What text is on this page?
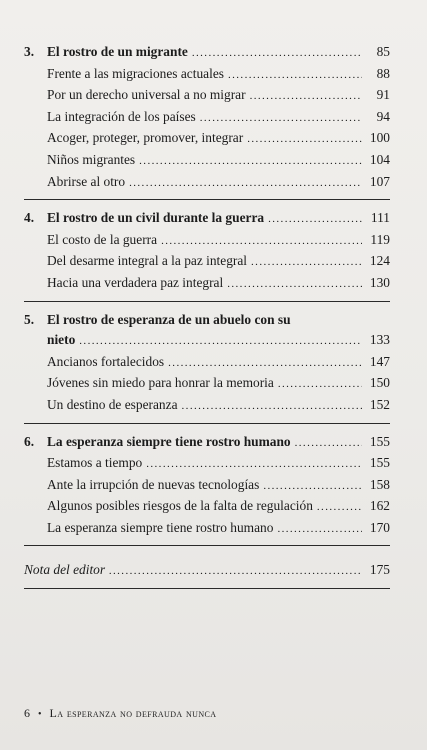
3. El rostro de un migrante .....	85
Frente a las migraciones actuales .....	88
Por un derecho universal a no migrar .....	91
La integración de los países .....	94
Acoger, proteger, promover, integrar .....	100
Niños migrantes .....	104
Abrirse al otro .....	107
4. El rostro de un civil durante la guerra .....	111
El costo de la guerra .....	119
Del desarme integral a la paz integral .....	124
Hacia una verdadera paz integral .....	130
5. El rostro de esperanza de un abuelo con su
nieto .....	133
Ancianos fortalecidos .....	147
Jóvenes sin miedo para honrar la memoria .....	150
Un destino de esperanza .....	152
6. La esperanza siempre tiene rostro humano .....	155
Estamos a tiempo .....	155
Ante la irrupción de nuevas tecnologías .....	158
Algunos posibles riesgos de la falta de regulación .....	162
La esperanza siempre tiene rostro humano .....	170
Nota del editor .....	175
6 • La esperanza no defrauda nunca
